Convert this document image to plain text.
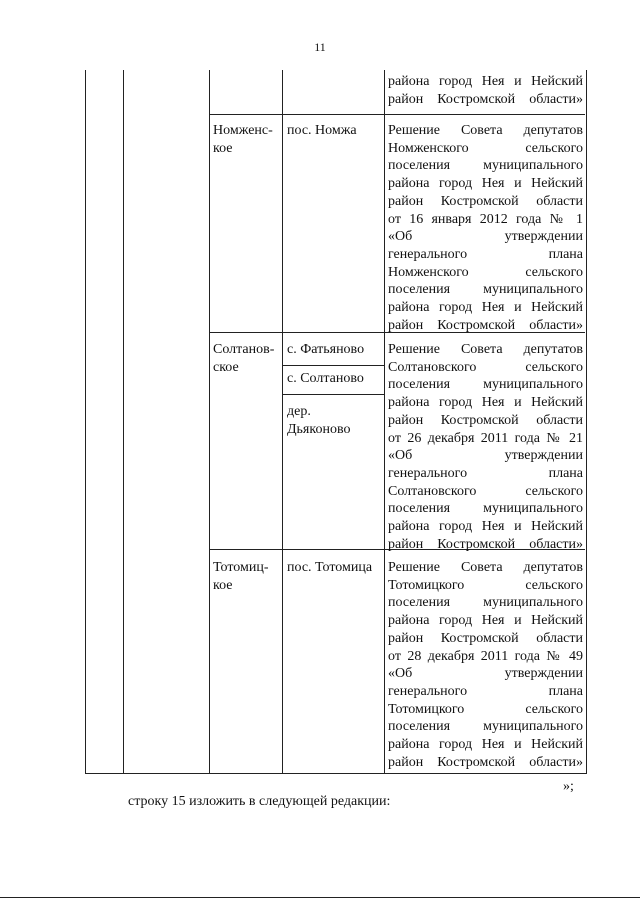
11
района город Нея и Нейский
район Костромской области»
Номженс-
кое
пос. Номжа	Решение Совета депутатов
Номженского сельского
поселения муниципального
района город Нея и Нейский
район Костромской области
от 16 января 2012 года № 1
«Об утверждении
генерального плана
Номженского сельского
поселения муниципального
района город Нея и Нейский
район Костромской области»
Солтанов-
ское
с. Фатьяново
с. Солтаново
дер.
Дьяконово
Решение Совета депутатов
Солтановского сельского
поселения муниципального
района город Нея и Нейский
район Костромской области
от 26 декабря 2011 года № 21
«Об утверждении
генерального плана
Солтановского сельского
поселения муниципального
района город Нея и Нейский
район Костромской области»
Тотомиц-
кое
пос. Тотомица	Решение Совета депутатов
Тотомицкого сельского
поселения муниципального
района город Нея и Нейский
район Костромской области
от 28 декабря 2011 года № 49
«Об утверждении
генерального плана
Тотомицкого сельского
поселения муниципального
района город Нея и Нейский
район Костромской области»
»;
строку 15 изложить в следующей редакции:
